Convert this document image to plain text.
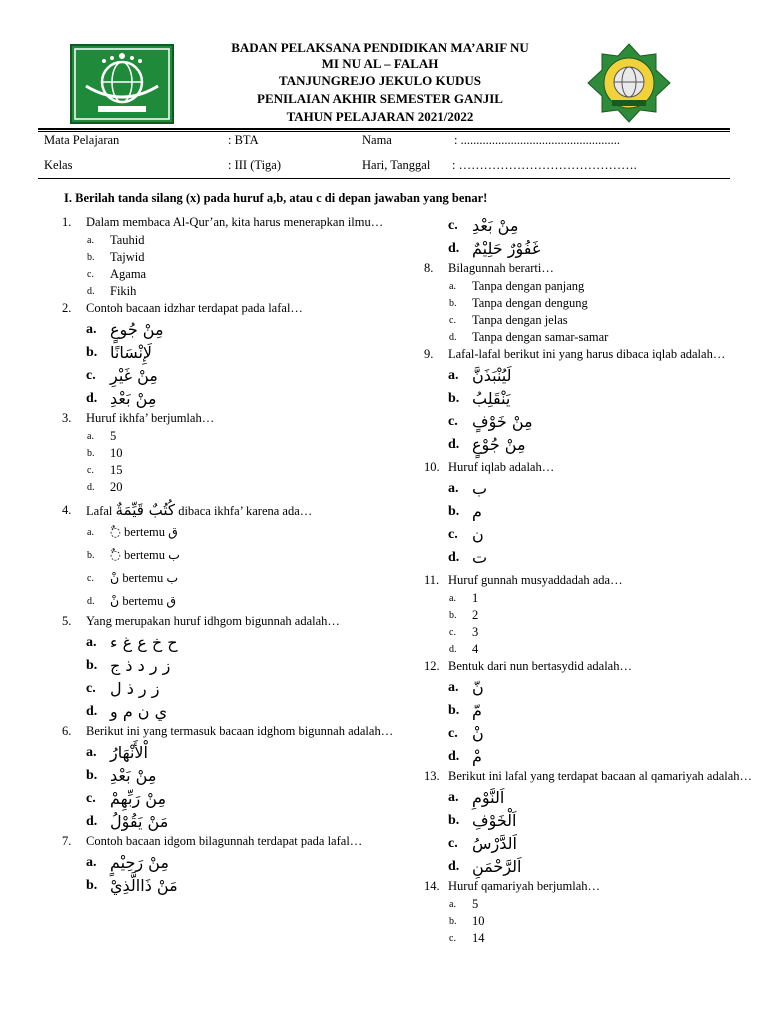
BADAN PELAKSANA PENDIDIKAN MA’ARIF NU
MI NU AL – FALAH
TANJUNGREJO JEKULO KUDUS
PENILAIAN AKHIR SEMESTER GANJIL
TAHUN PELAJARAN 2021/2022
Mata Pelajaran	: BTA	Nama	: ...................................................
Kelas	: III (Tiga)	Hari, Tanggal : …………………………………….
I. Berilah tanda silang (x) pada huruf a,b, atau c di depan jawaban yang benar!
1. Dalam membaca Al-Qur’an, kita harus menerapkan ilmu…
a. Tauhid
b. Tajwid
c. Agama
d. Fikih
2. Contoh bacaan idzhar terdapat pada lafal…
a. مِنْ جُوعٍ
b. لَإِنْسَانًا
c. مِنْ غَيْرِ
d. مِنْ بَعْدِ
3. Huruf ikhfa’ berjumlah…
a. 5
b. 10
c. 15
d. 20
4. Lafal كُتُبٌ قَيِّمَةٌ dibaca ikhfa’ karena ada…
a. ◌ٌ bertemu ق
b. ◌ٌ bertemu ب
c. نْ bertemu ب
d. نْ bertemu ق
5. Yang merupakan huruf idhgom bigunnah adalah…
a. ح خ ع غ ء
b. ز ر د ذ ج
c. ز ر ذ ل
d. ي ن م و
6. Berikut ini yang termasuk bacaan idghom bigunnah adalah…
a. اْلأَنْهَارُ
b. مِنْ بَعْدِ
c. مِنْ رَبِّهِمْ
d. مَنْ يَقُوْلُ
7. Contoh bacaan idgom bilagunnah terdapat pada lafal…
a. مِنْ رَحِيْمٍ
b. مَنْ ذَاالَّذِيْ
c. مِنْ بَعْدِ
d. غَفُوْرٌ حَلِيْمٌ
8. Bilagunnah berarti…
a. Tanpa dengan panjang
b. Tanpa dengan dengung
c. Tanpa dengan jelas
d. Tanpa dengan samar-samar
9. Lafal-lafal berikut ini yang harus dibaca iqlab adalah…
a. لَيُنْبَذَنَّ
b. يَنْقَلِبُ
c. مِنْ خَوْفٍ
d. مِنْ جُوْعٍ
10. Huruf iqlab adalah…
a. ب
b. م
c. ن
d. ت
11. Huruf gunnah musyaddadah ada…
a. 1
b. 2
c. 3
d. 4
12. Bentuk dari nun bertasydid adalah…
a. نّ
b. مّ
c. نْ
d. مْ
13. Berikut ini lafal yang terdapat bacaan al qamariyah adalah…
a. اَلنَّوْمِ
b. اَلْخَوْفِ
c. اَلدَّرْسُ
d. اَلرَّحْمَنِ
14. Huruf qamariyah berjumlah…
a. 5
b. 10
c. 14
